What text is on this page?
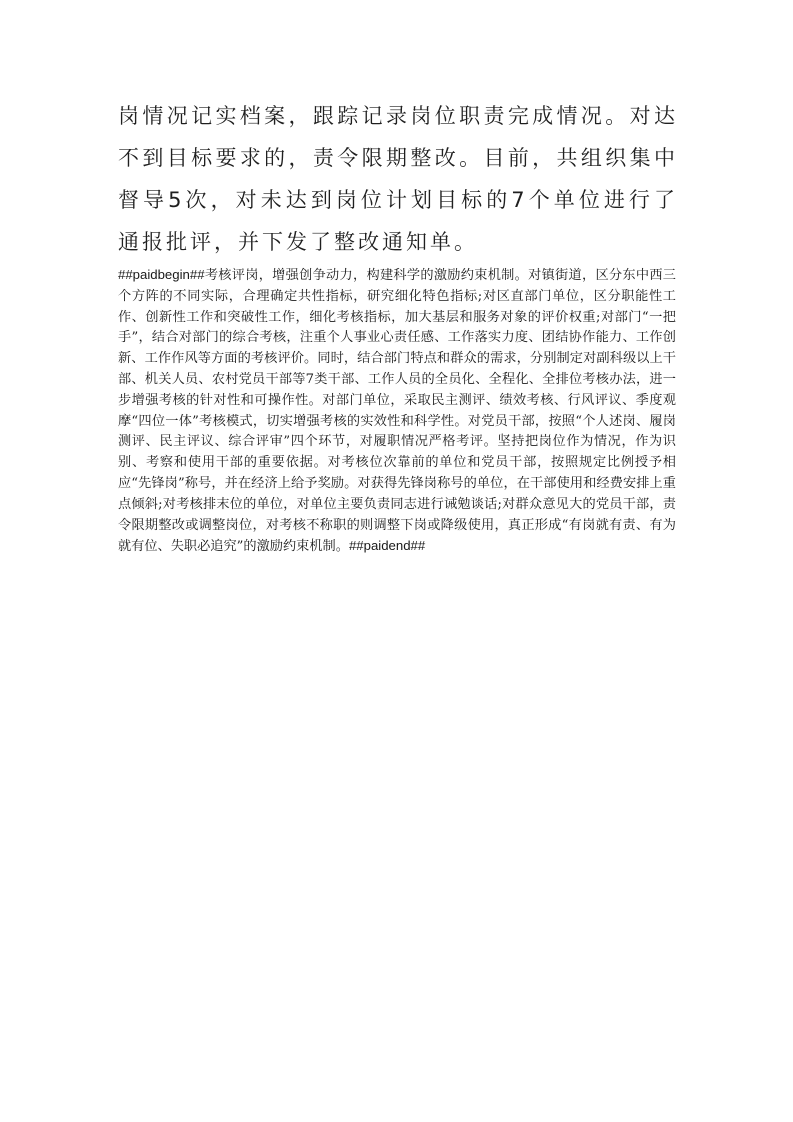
岗情况记实档案，跟踪记录岗位职责完成情况。对达不到目标要求的，责令限期整改。目前，共组织集中督导5次，对未达到岗位计划目标的7个单位进行了通报批评，并下发了整改通知单。

##paidbegin##考核评岗，增强创争动力，构建科学的激励约束机制。对镇街道，区分东中西三个方阵的不同实际，合理确定共性指标，研究细化特色指标;对区直部门单位，区分职能性工作、创新性工作和突破性工作，细化考核指标，加大基层和服务对象的评价权重;对部门“一把手”，结合对部门的综合考核，注重个人事业心责任感、工作落实力度、团结协作能力、工作创新、工作作风等方面的考核评价。同时，结合部门特点和群众的需求，分别制定对副科级以上干部、机关人员、农村党员干部等7类干部、工作人员的全员化、全程化、全排位考核办法，进一步增强考核的针对性和可操作性。对部门单位，采取民主测评、绩效考核、行风评议、季度观摩“四位一体”考核模式，切实增强考核的实效性和科学性。对党员干部，按照“个人述岗、履岗测评、民主评议、综合评审”四个环节，对履职情况严格考评。坚持把岗位作为情况，作为识别、考察和使用干部的重要依据。对考核位次靠前的单位和党员干部，按照规定比例授予相应“先锋岗”称号，并在经济上给予奖励。对获得先锋岗称号的单位，在干部使用和经费安排上重点倾斜;对考核排末位的单位，对单位主要负责同志进行诫勉谈话;对群众意见大的党员干部，责令限期整改或调整岗位，对考核不称职的则调整下岗或降级使用，真正形成“有岗就有责、有为就有位、失职必追究”的激励约束机制。##paidend##
